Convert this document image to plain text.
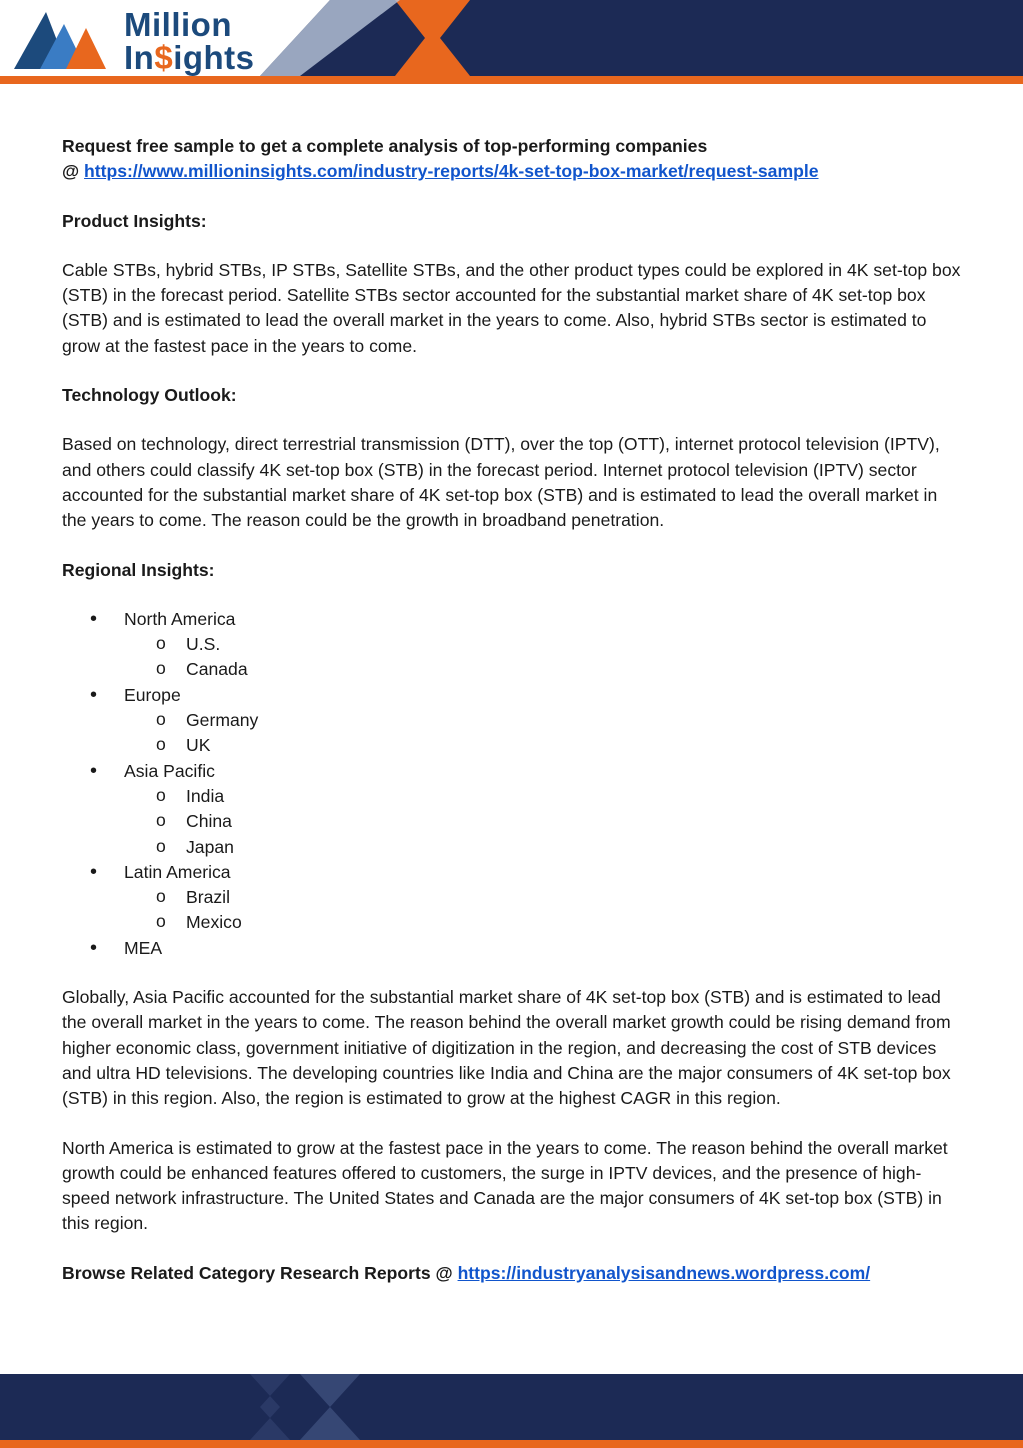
Million
In$ights

Request free sample to get a complete analysis of top-performing companies
@ https://www.millioninsights.com/industry-reports/4k-set-top-box-market/request-sample

Product Insights:

Cable STBs, hybrid STBs, IP STBs, Satellite STBs, and the other product types could be explored in 4K set-top box (STB) in the forecast period. Satellite STBs sector accounted for the substantial market share of 4K set-top box (STB) and is estimated to lead the overall market in the years to come. Also, hybrid STBs sector is estimated to grow at the fastest pace in the years to come.

Technology Outlook:

Based on technology, direct terrestrial transmission (DTT), over the top (OTT), internet protocol television (IPTV), and others could classify 4K set-top box (STB) in the forecast period. Internet protocol television (IPTV) sector accounted for the substantial market share of 4K set-top box (STB) and is estimated to lead the overall market in the years to come. The reason could be the growth in broadband penetration.

Regional Insights:

• North America
o U.S.
o Canada
• Europe
o Germany
o UK
• Asia Pacific
o India
o China
o Japan
• Latin America
o Brazil
o Mexico
• MEA

Globally, Asia Pacific accounted for the substantial market share of 4K set-top box (STB) and is estimated to lead the overall market in the years to come. The reason behind the overall market growth could be rising demand from higher economic class, government initiative of digitization in the region, and decreasing the cost of STB devices and ultra HD televisions. The developing countries like India and China are the major consumers of 4K set-top box (STB) in this region. Also, the region is estimated to grow at the highest CAGR in this region.

North America is estimated to grow at the fastest pace in the years to come. The reason behind the overall market growth could be enhanced features offered to customers, the surge in IPTV devices, and the presence of high-speed network infrastructure. The United States and Canada are the major consumers of 4K set-top box (STB) in this region.

Browse Related Category Research Reports @ https://industryanalysisandnews.wordpress.com/
